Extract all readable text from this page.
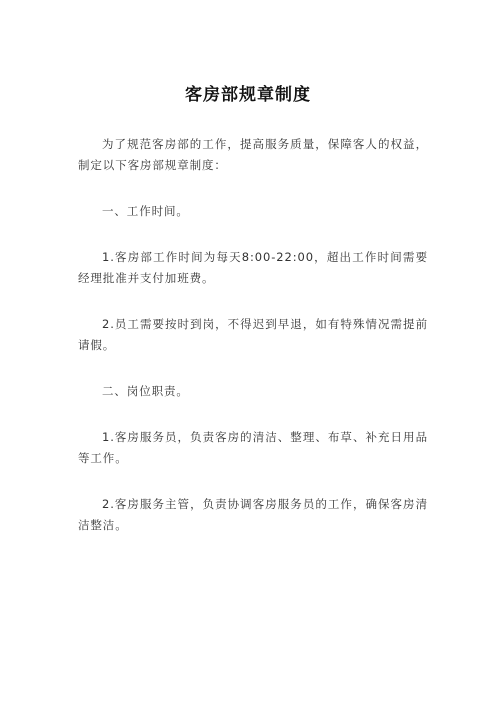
客房部规章制度

为了规范客房部的工作，提高服务质量，保障客人的权益，制定以下客房部规章制度：

一、工作时间。

1.客房部工作时间为每天8:00-22:00，超出工作时间需要经理批准并支付加班费。

2.员工需要按时到岗，不得迟到早退，如有特殊情况需提前请假。

二、岗位职责。

1.客房服务员，负责客房的清洁、整理、布草、补充日用品等工作。

2.客房服务主管，负责协调客房服务员的工作，确保客房清洁整洁。
